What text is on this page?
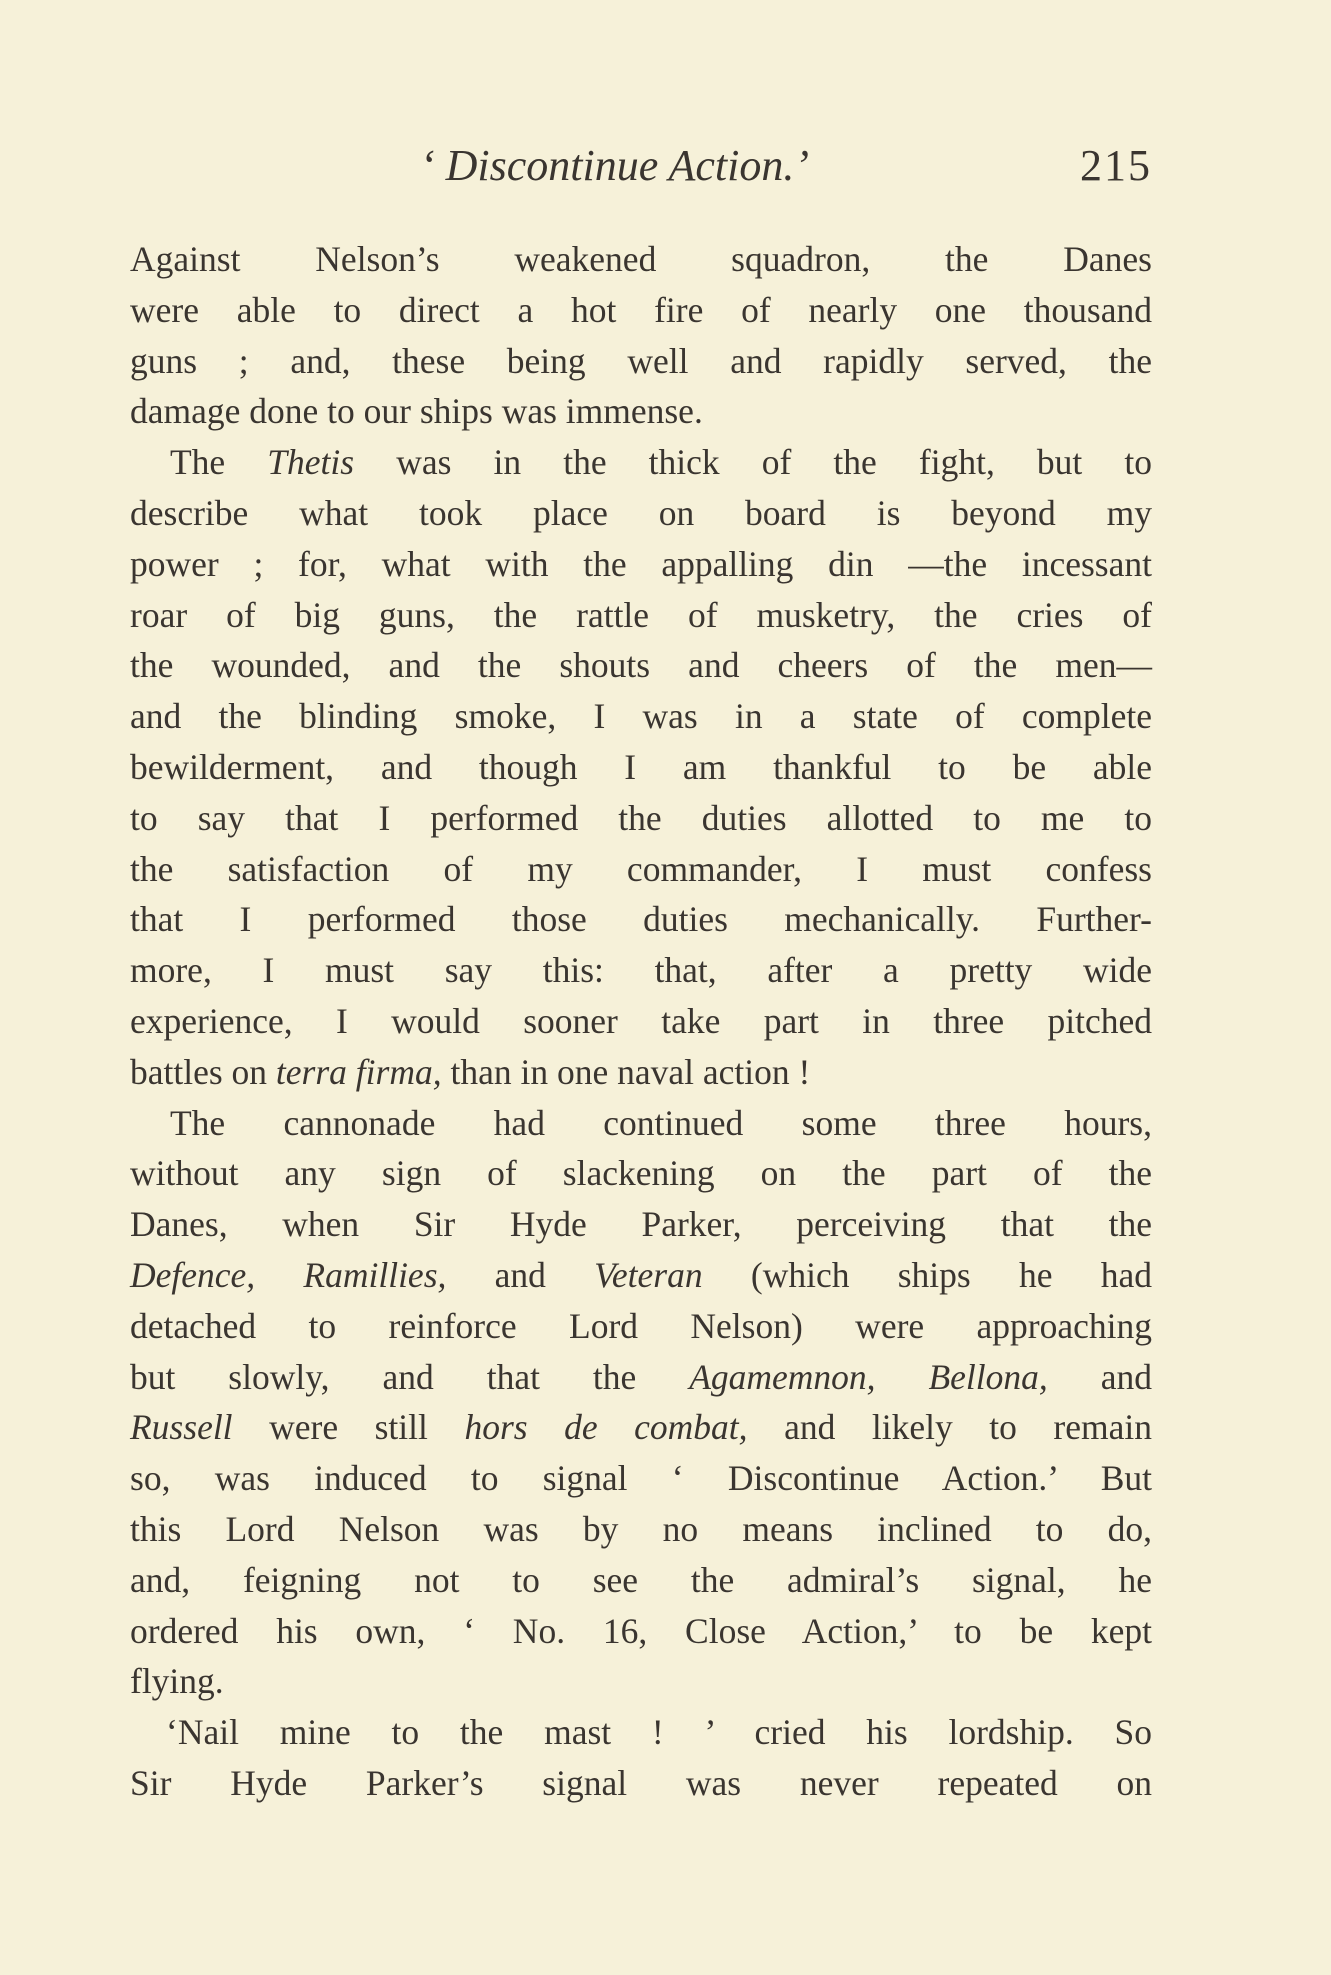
‘ Discontinue Action.’	215
Against Nelson’s weakened squadron, the Danes
were able to direct a hot fire of nearly one thousand
guns ; and, these being well and rapidly served, the
damage done to our ships was immense.
The Thetis was in the thick of the fight, but to
describe what took place on board is beyond my
power ; for, what with the appalling din —the incessant
roar of big guns, the rattle of musketry, the cries of
the wounded, and the shouts and cheers of the men—
and the blinding smoke, I was in a state of complete
bewilderment, and though I am thankful to be able
to say that I performed the duties allotted to me to
the satisfaction of my commander, I must confess
that I performed those duties mechanically. Further-
more, I must say this: that, after a pretty wide
experience, I would sooner take part in three pitched
battles on terra firma, than in one naval action !
The cannonade had continued some three hours,
without any sign of slackening on the part of the
Danes, when Sir Hyde Parker, perceiving that the
Defence, Ramillies, and Veteran (which ships he had
detached to reinforce Lord Nelson) were approaching
but slowly, and that the Agamemnon, Bellona, and
Russell were still hors de combat, and likely to remain
so, was induced to signal ‘ Discontinue Action.’ But
this Lord Nelson was by no means inclined to do,
and, feigning not to see the admiral’s signal, he
ordered his own, ‘ No. 16, Close Action,’ to be kept
flying.
‘Nail mine to the mast ! ’ cried his lordship. So
Sir Hyde Parker’s signal was never repeated on
